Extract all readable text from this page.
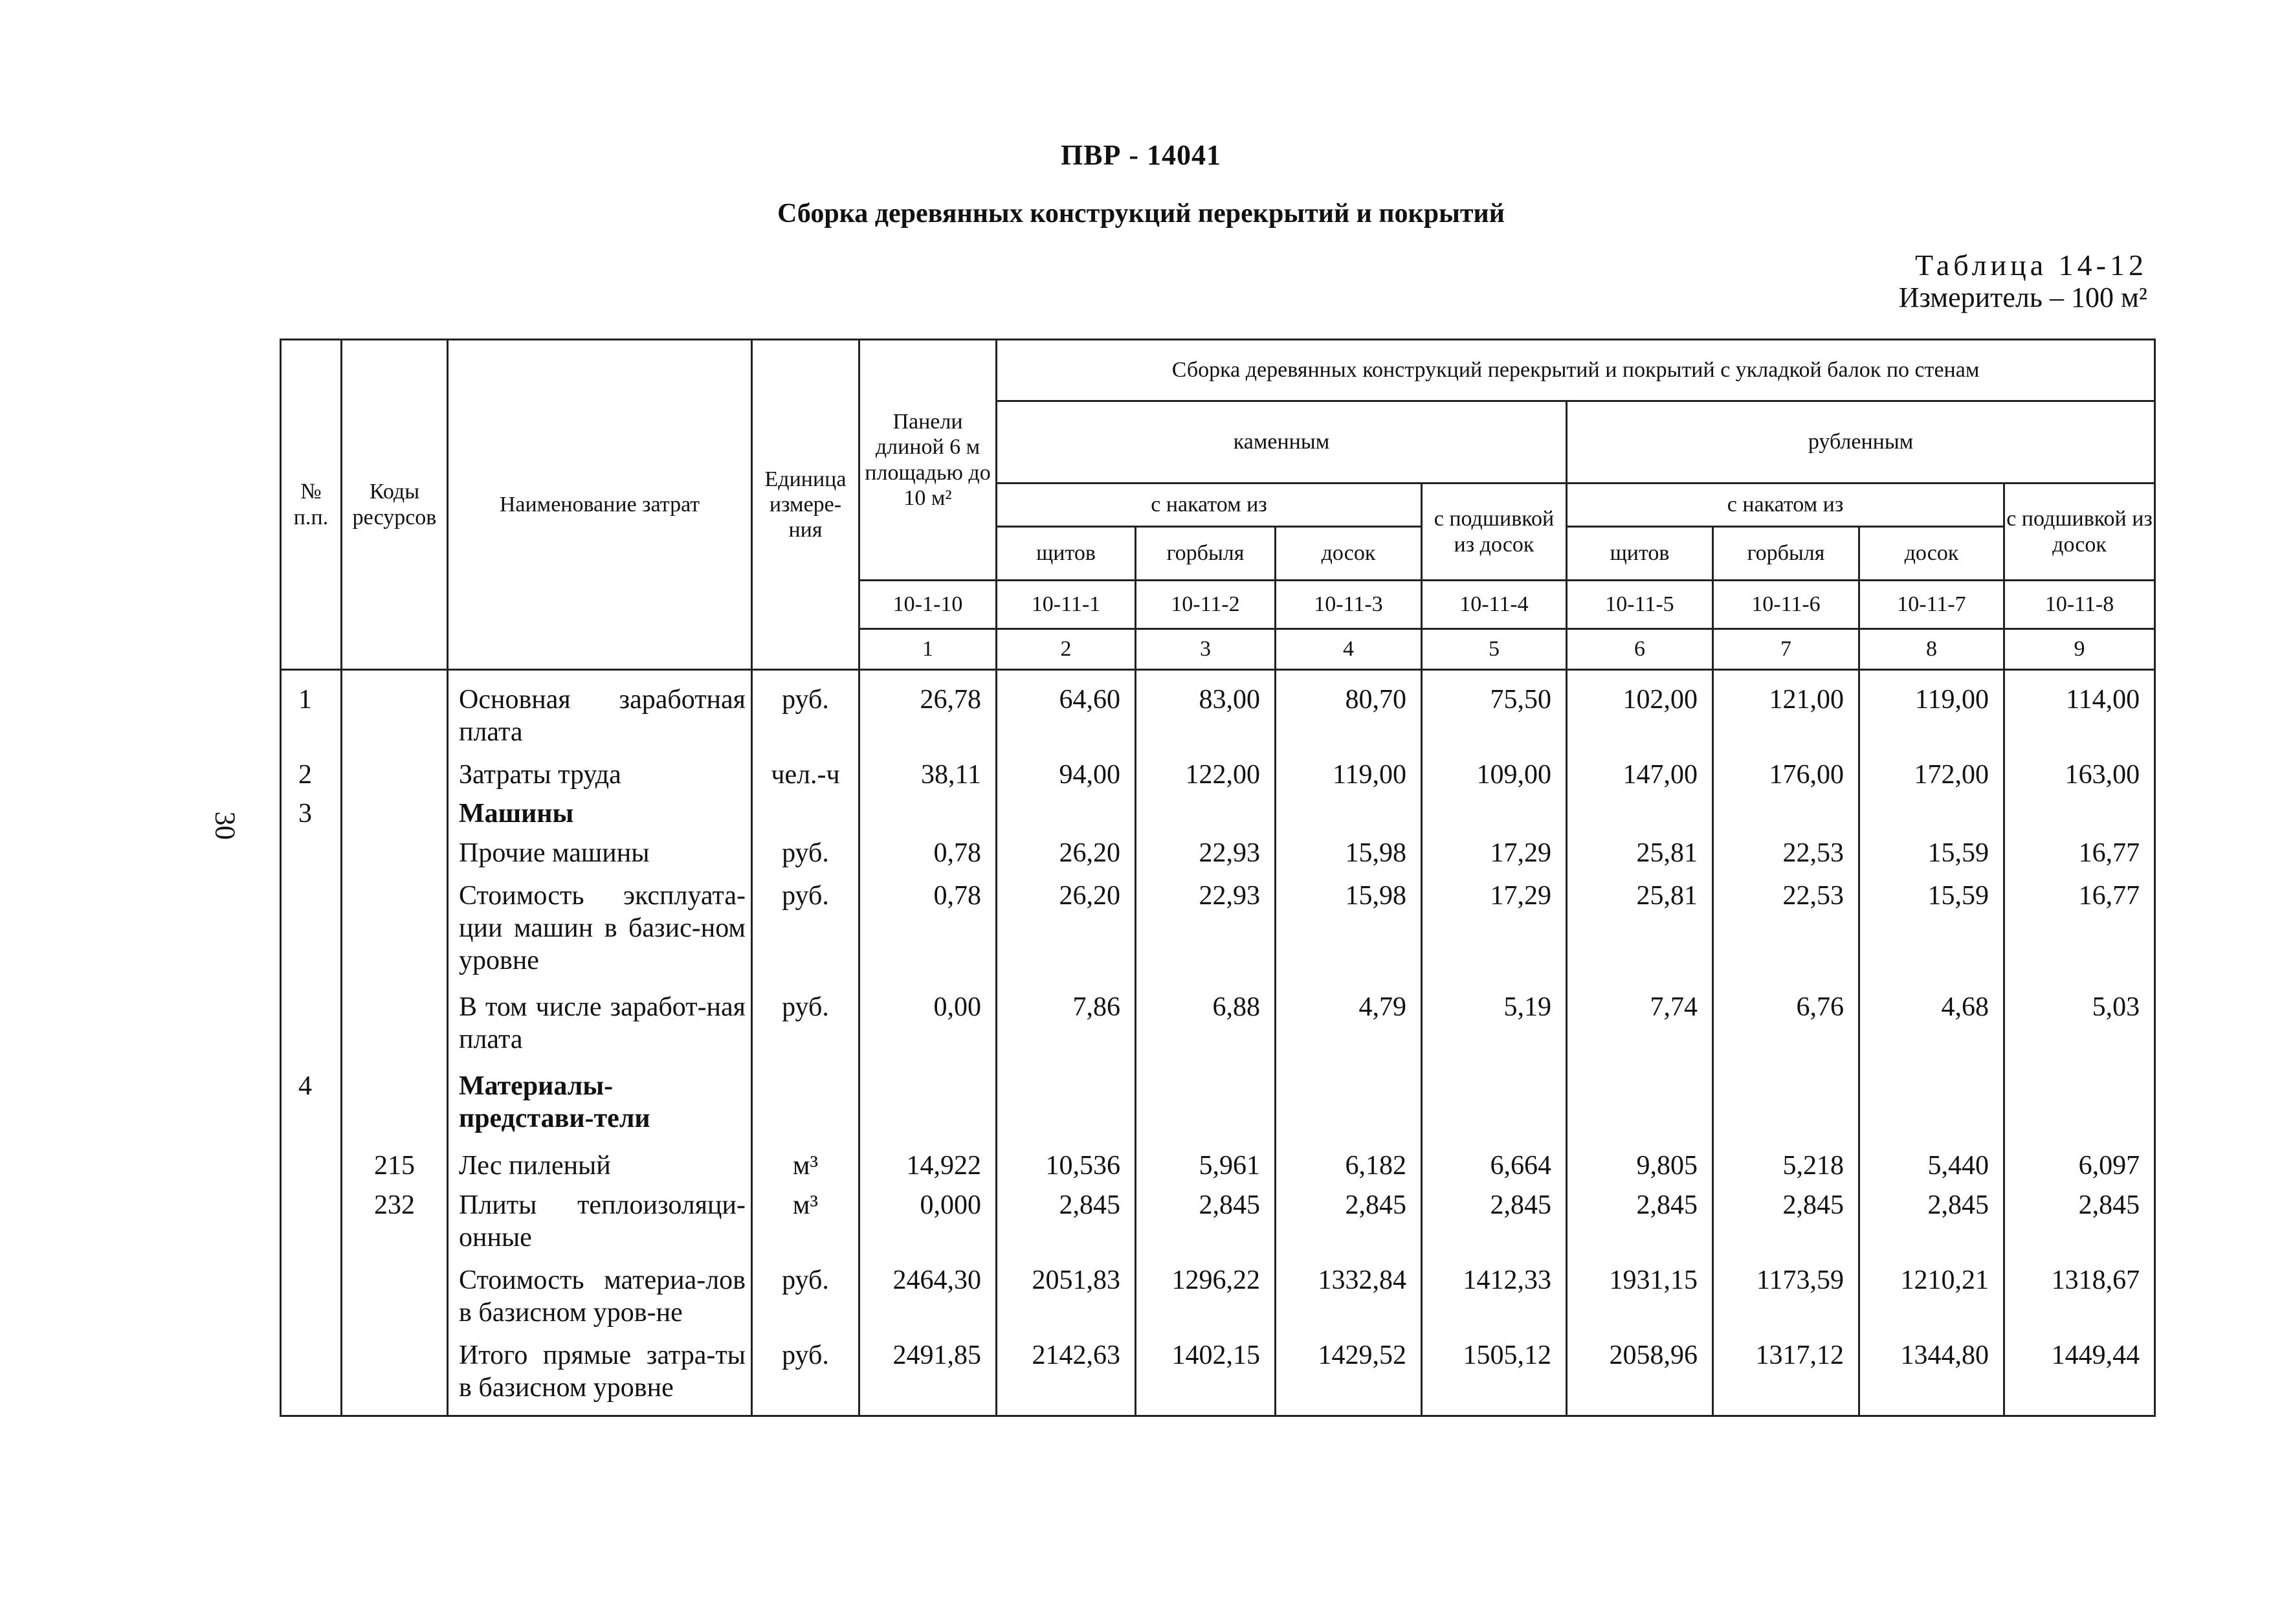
ПВР - 14041
Сборка деревянных конструкций перекрытий и покрытий
Таблица 14-12
Измеритель – 100 м²
30
№ п.п.	Коды ресурсов	Наименование затрат	Единица измере-ния	Панели длиной 6 м площадью до 10 м²	Сборка деревянных конструкций перекрытий и покрытий с укладкой балок по стенам							
					каменным				рубленным			
					с накатом из			с подшивкой из досок	с накатом из			с подшивкой из досок
					щитов	горбыля	досок		щитов	горбыля	досок	
				10-1-10	10-11-1	10-11-2	10-11-3	10-11-4	10-11-5	10-11-6	10-11-7	10-11-8
				1	2	3	4	5	6	7	8	9

1		Основная заработная плата	руб.	26,78	64,60	83,00	80,70	75,50	102,00	121,00	119,00	114,00
2		Затраты труда	чел.-ч	38,11	94,00	122,00	119,00	109,00	147,00	176,00	172,00	163,00
3		Машины										
		Прочие машины	руб.	0,78	26,20	22,93	15,98	17,29	25,81	22,53	15,59	16,77
		Стоимость эксплуата-ции машин в базис-ном уровне	руб.	0,78	26,20	22,93	15,98	17,29	25,81	22,53	15,59	16,77
		В том числе заработ-ная плата	руб.	0,00	7,86	6,88	4,79	5,19	7,74	6,76	4,68	5,03
4		Материалы-представи-тели										
	215	Лес пиленый	м³	14,922	10,536	5,961	6,182	6,664	9,805	5,218	5,440	6,097
	232	Плиты теплоизоляци-онные	м³	0,000	2,845	2,845	2,845	2,845	2,845	2,845	2,845	2,845
		Стоимость материа-лов в базисном уров-не	руб.	2464,30	2051,83	1296,22	1332,84	1412,33	1931,15	1173,59	1210,21	1318,67
		Итого прямые затра-ты в базисном уровне	руб.	2491,85	2142,63	1402,15	1429,52	1505,12	2058,96	1317,12	1344,80	1449,44
